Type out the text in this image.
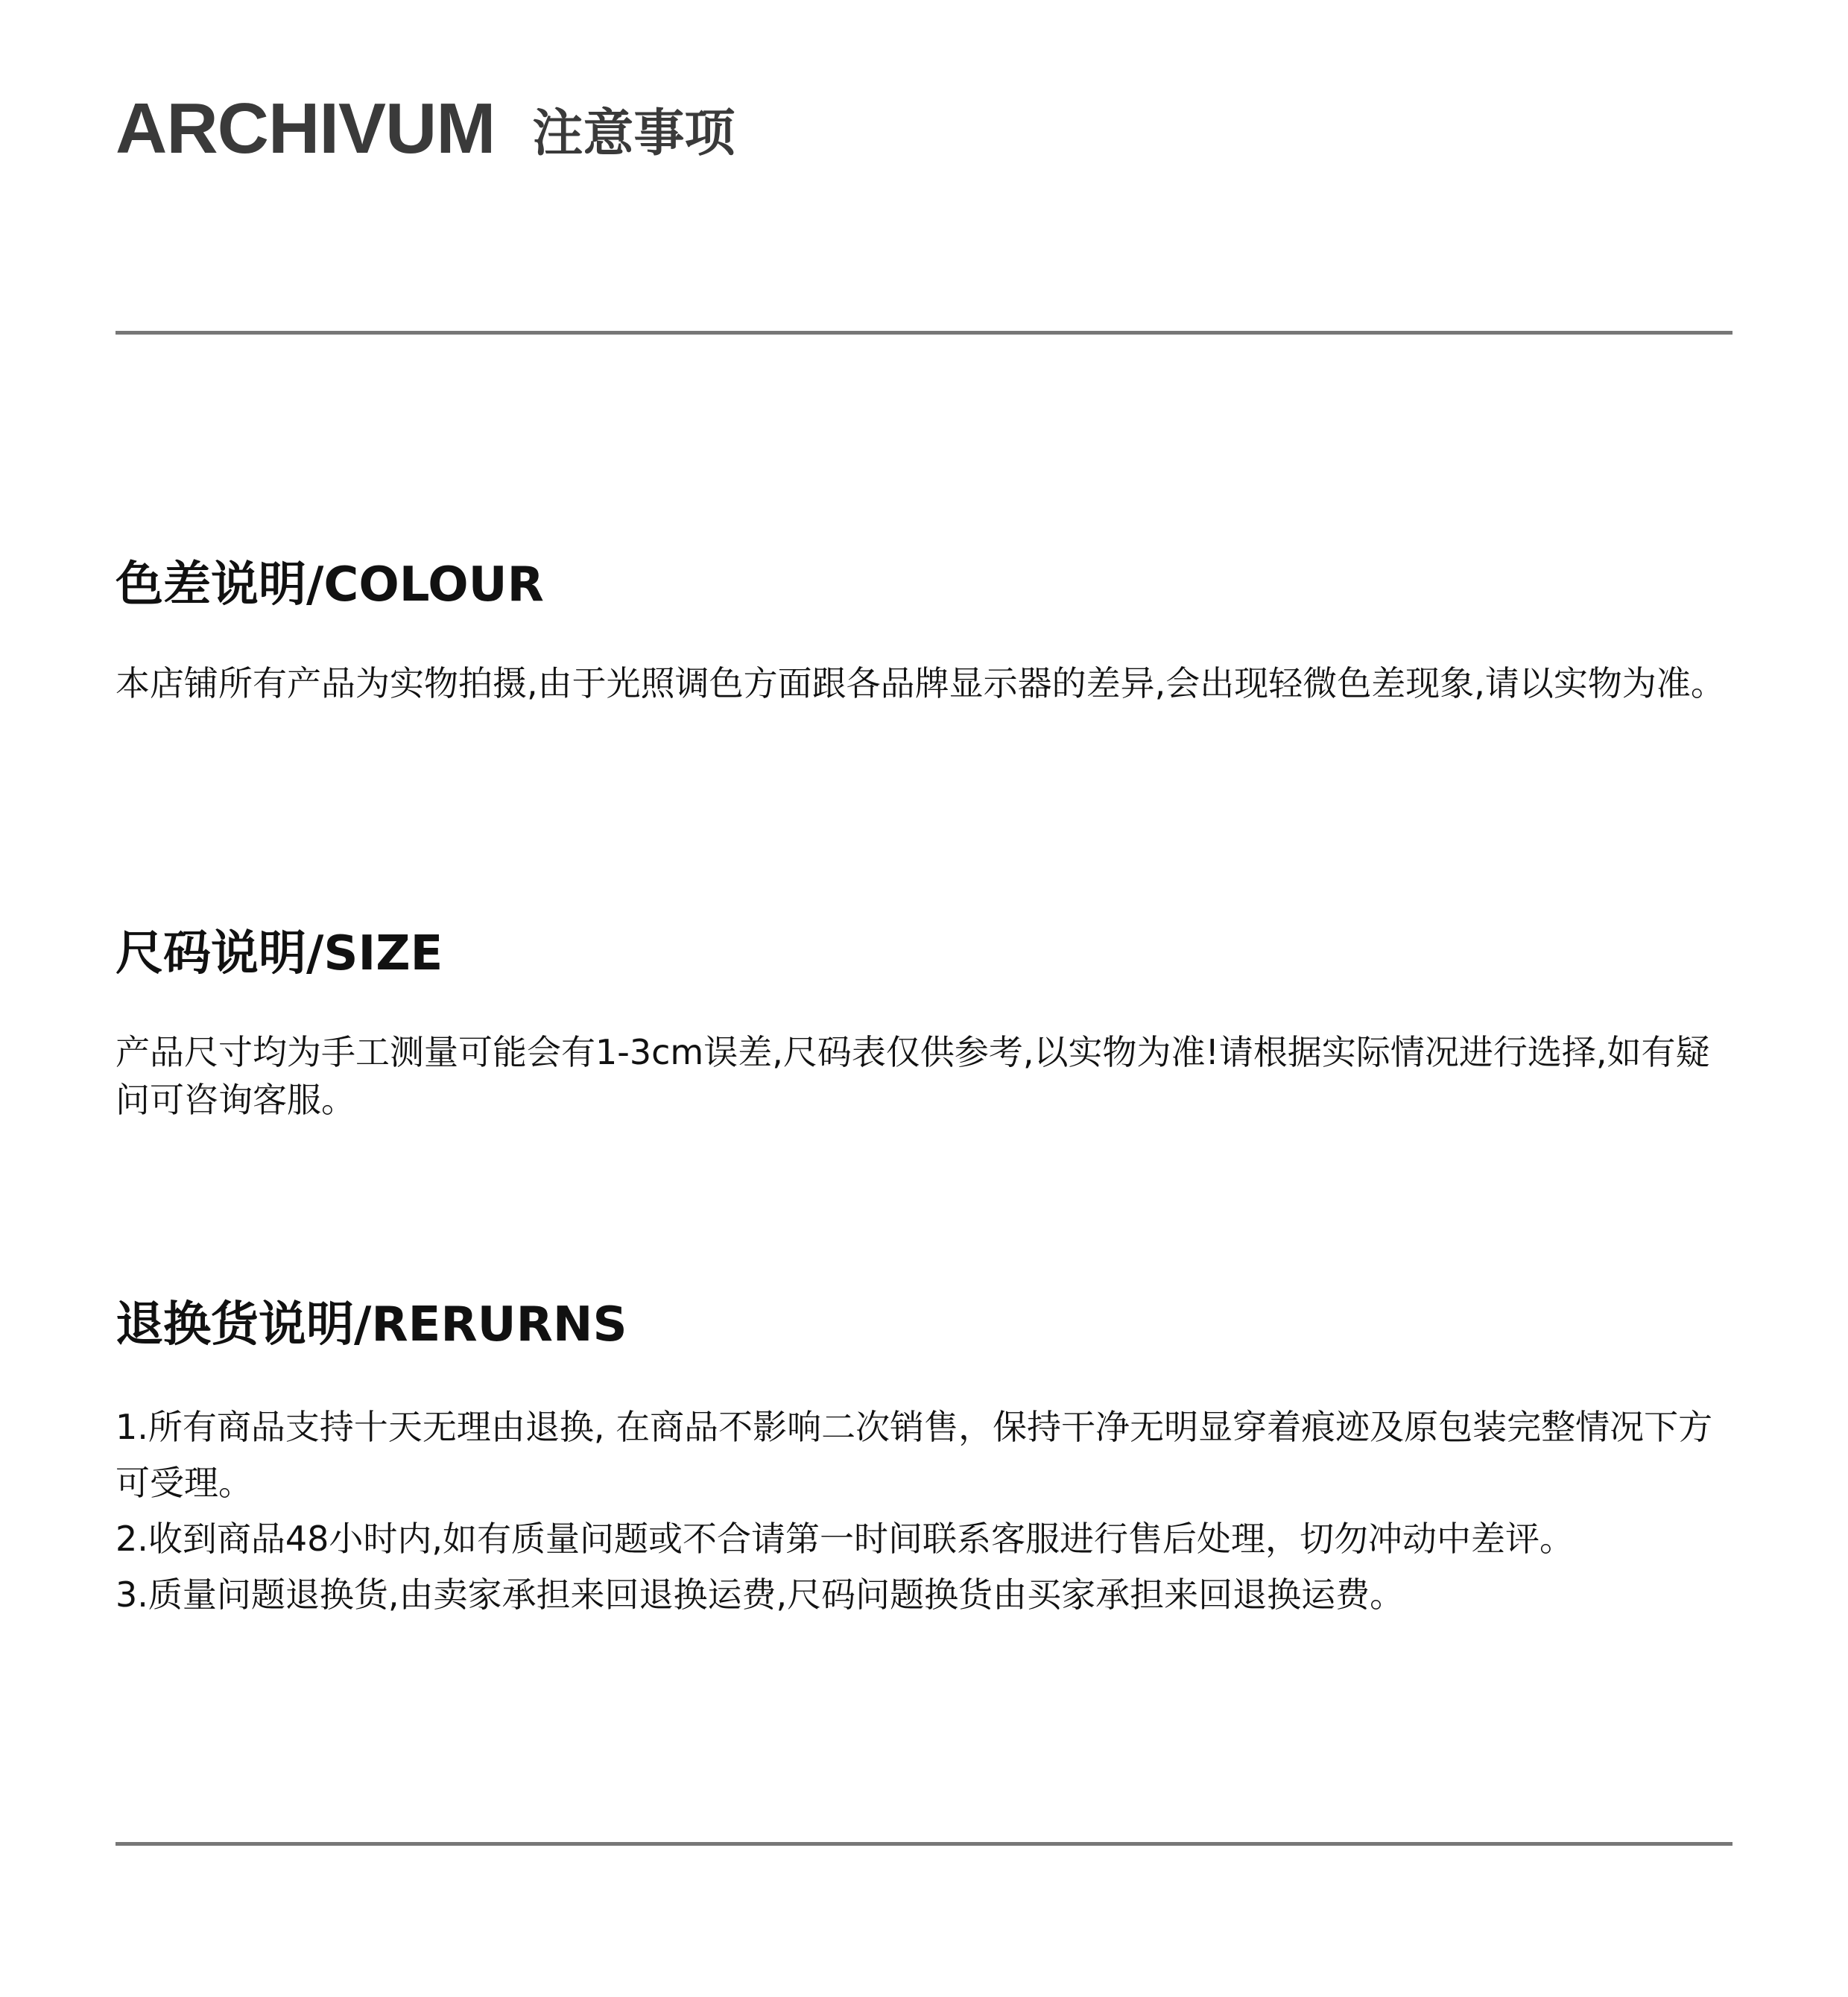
ARCHIVUM 注意事项
色差说明/COLOUR

本店铺所有产品为实物拍摄,由于光照调色方面跟各品牌显示器的差异,会出现轻微色差现象,请以实物为准。

尺码说明/SIZE

产品尺寸均为手工测量可能会有1-3cm误差,尺码表仅供参考,以实物为准!请根据实际情况进行选择,如有疑问可咨询客服。

退换货说明/RERURNS

1.所有商品支持十天无理由退换, 在商品不影响二次销售，保持干净无明显穿着痕迹及原包装完整情况下方可受理。

2.收到商品48小时内,如有质量问题或不合请第一时间联系客服进行售后处理，切勿冲动中差评。

3.质量问题退换货,由卖家承担来回退换运费,尺码问题换货由买家承担来回退换运费。
